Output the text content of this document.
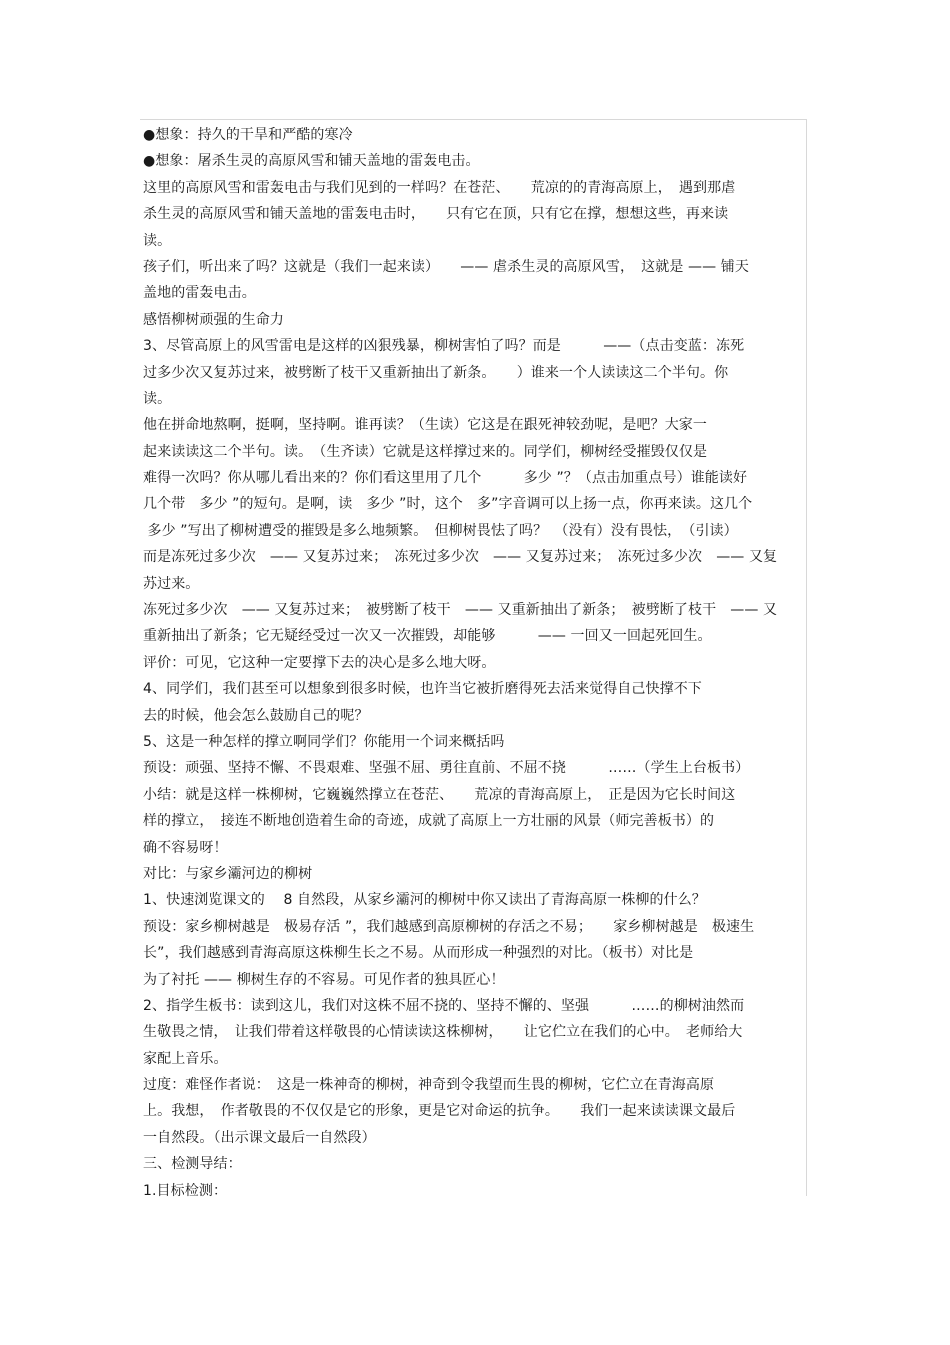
●想象：持久的干旱和严酷的寒冷
●想象：屠杀生灵的高原风雪和铺天盖地的雷轰电击。
这里的高原风雪和雷轰电击与我们见到的一样吗？在苍茫、　　荒凉的的青海高原上，　遇到那虐
杀生灵的高原风雪和铺天盖地的雷轰电击时，　　只有它在顶，只有它在撑，想想这些，再来读
读。
孩子们，听出来了吗？这就是（我们一起来读）　　—— 虐杀生灵的高原风雪，　这就是 —— 铺天
盖地的雷轰电击。
感悟柳树顽强的生命力
3、尽管高原上的风雪雷电是这样的凶狠残暴，柳树害怕了吗？而是　　　——（点击变蓝：冻死
过多少次又复苏过来，被劈断了枝干又重新抽出了新条。　　）谁来一个人读读这二个半句。你
读。
他在拼命地熬啊，挺啊，坚持啊。谁再读？（生读）它这是在跟死神较劲呢，是吧？大家一
起来读读这二个半句。读。　（生齐读）它就是这样撑过来的。同学们，柳树经受摧毁仅仅是
难得一次吗？你从哪儿看出来的？你们看这里用了几个　　　多少 ”？（点击加重点号）谁能读好
几个带　多少 ”的短句。是啊，读　多少 ”时，这个　多”字音调可以上扬一点，你再来读。这几个
多少 ”写出了柳树遭受的摧毁是多么地频繁。　但柳树畏怯了吗？　（没有）没有畏怯，　（引读）
而是冻死过多少次　—— 又复苏过来；　冻死过多少次　—— 又复苏过来；　冻死过多少次　—— 又复
苏过来。
冻死过多少次　—— 又复苏过来；　被劈断了枝干　—— 又重新抽出了新条；　被劈断了枝干　—— 又
重新抽出了新条；它无疑经受过一次又一次摧毁，却能够　　　—— 一回又一回起死回生。
评价：可见，它这种一定要撑下去的决心是多么地大呀。
4、同学们，我们甚至可以想象到很多时候，也许当它被折磨得死去活来觉得自己快撑不下
去的时候，他会怎么鼓励自己的呢？
5、这是一种怎样的撑立啊同学们？你能用一个词来概括吗
预设：顽强、坚持不懈、不畏艰难、坚强不屈、勇往直前、不屈不挠　　　……（学生上台板书）
小结：就是这样一株柳树，它巍巍然撑立在苍茫、　　荒凉的青海高原上，　正是因为它长时间这
样的撑立，　接连不断地创造着生命的奇迹，成就了高原上一方壮丽的风景（师完善板书）的
确不容易呀！
对比：与家乡灞河边的柳树
1、快速浏览课文的　 8 自然段，从家乡灞河的柳树中你又读出了青海高原一株柳的什么？
预设：家乡柳树越是　极易存活 ”，我们越感到高原柳树的存活之不易；　　家乡柳树越是　极速生
长”，我们越感到青海高原这株柳生长之不易。从而形成一种强烈的对比。（板书）对比是
为了衬托 —— 柳树生存的不容易。可见作者的独具匠心！
2、指学生板书：读到这儿，我们对这株不屈不挠的、坚持不懈的、坚强　　　……的柳树油然而
生敬畏之情，　让我们带着这样敬畏的心情读读这株柳树，　　让它伫立在我们的心中。　老师给大
家配上音乐。
过度：难怪作者说：　这是一株神奇的柳树，神奇到令我望而生畏的柳树，它伫立在青海高原
上。我想，　作者敬畏的不仅仅是它的形象，更是它对命运的抗争。　　我们一起来读读课文最后
一自然段。（出示课文最后一自然段）
三、检测导结：
1.目标检测：
